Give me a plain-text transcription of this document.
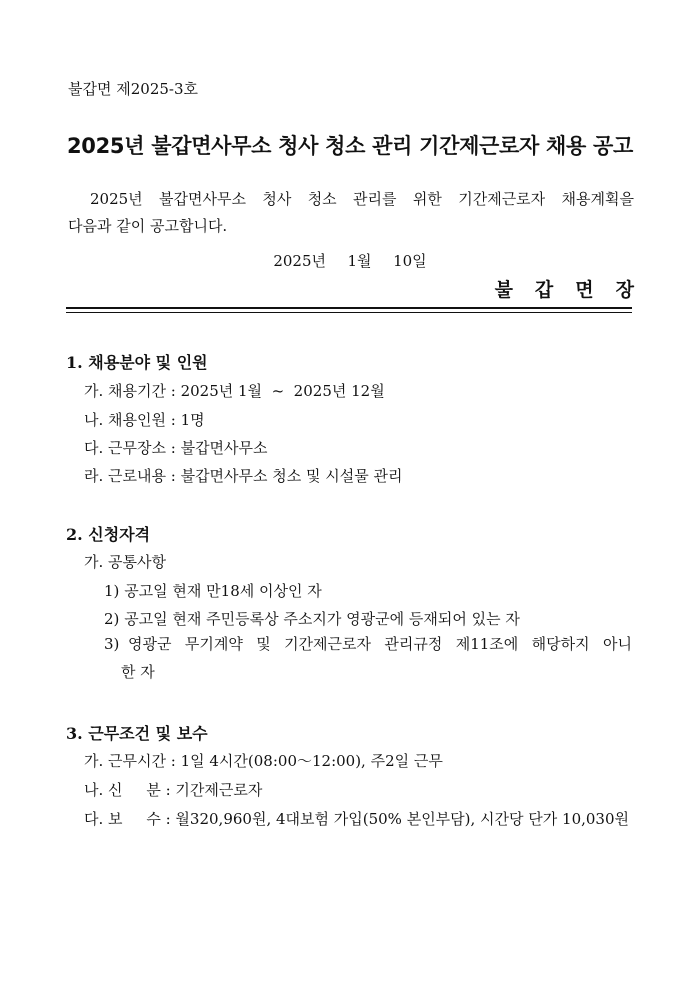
불갑면 제2025-3호
2025년 불갑면사무소 청사 청소 관리 기간제근로자 채용 공고
2025년 불갑면사무소 청사 청소 관리를 위한 기간제근로자 채용계획을
다음과 같이 공고합니다.
2025년  1월  10일
불갑면장
1. 채용분야 및 인원
가. 채용기간 : 2025년 1월  ~  2025년 12월
나. 채용인원 : 1명
다. 근무장소 : 불갑면사무소
라. 근로내용 : 불갑면사무소 청소 및 시설물 관리
2. 신청자격
가. 공통사항
1) 공고일 현재 만18세 이상인 자
2) 공고일 현재 주민등록상 주소지가 영광군에 등재되어 있는 자
3) 영광군 무기계약 및 기간제근로자 관리규정 제11조에 해당하지 아니
한 자
3. 근무조건 및 보수
가. 근무시간 : 1일 4시간(08:00～12:00), 주2일 근무
나. 신     분 : 기간제근로자
다. 보     수 : 월320,960원, 4대보험 가입(50% 본인부담), 시간당 단가 10,030원
